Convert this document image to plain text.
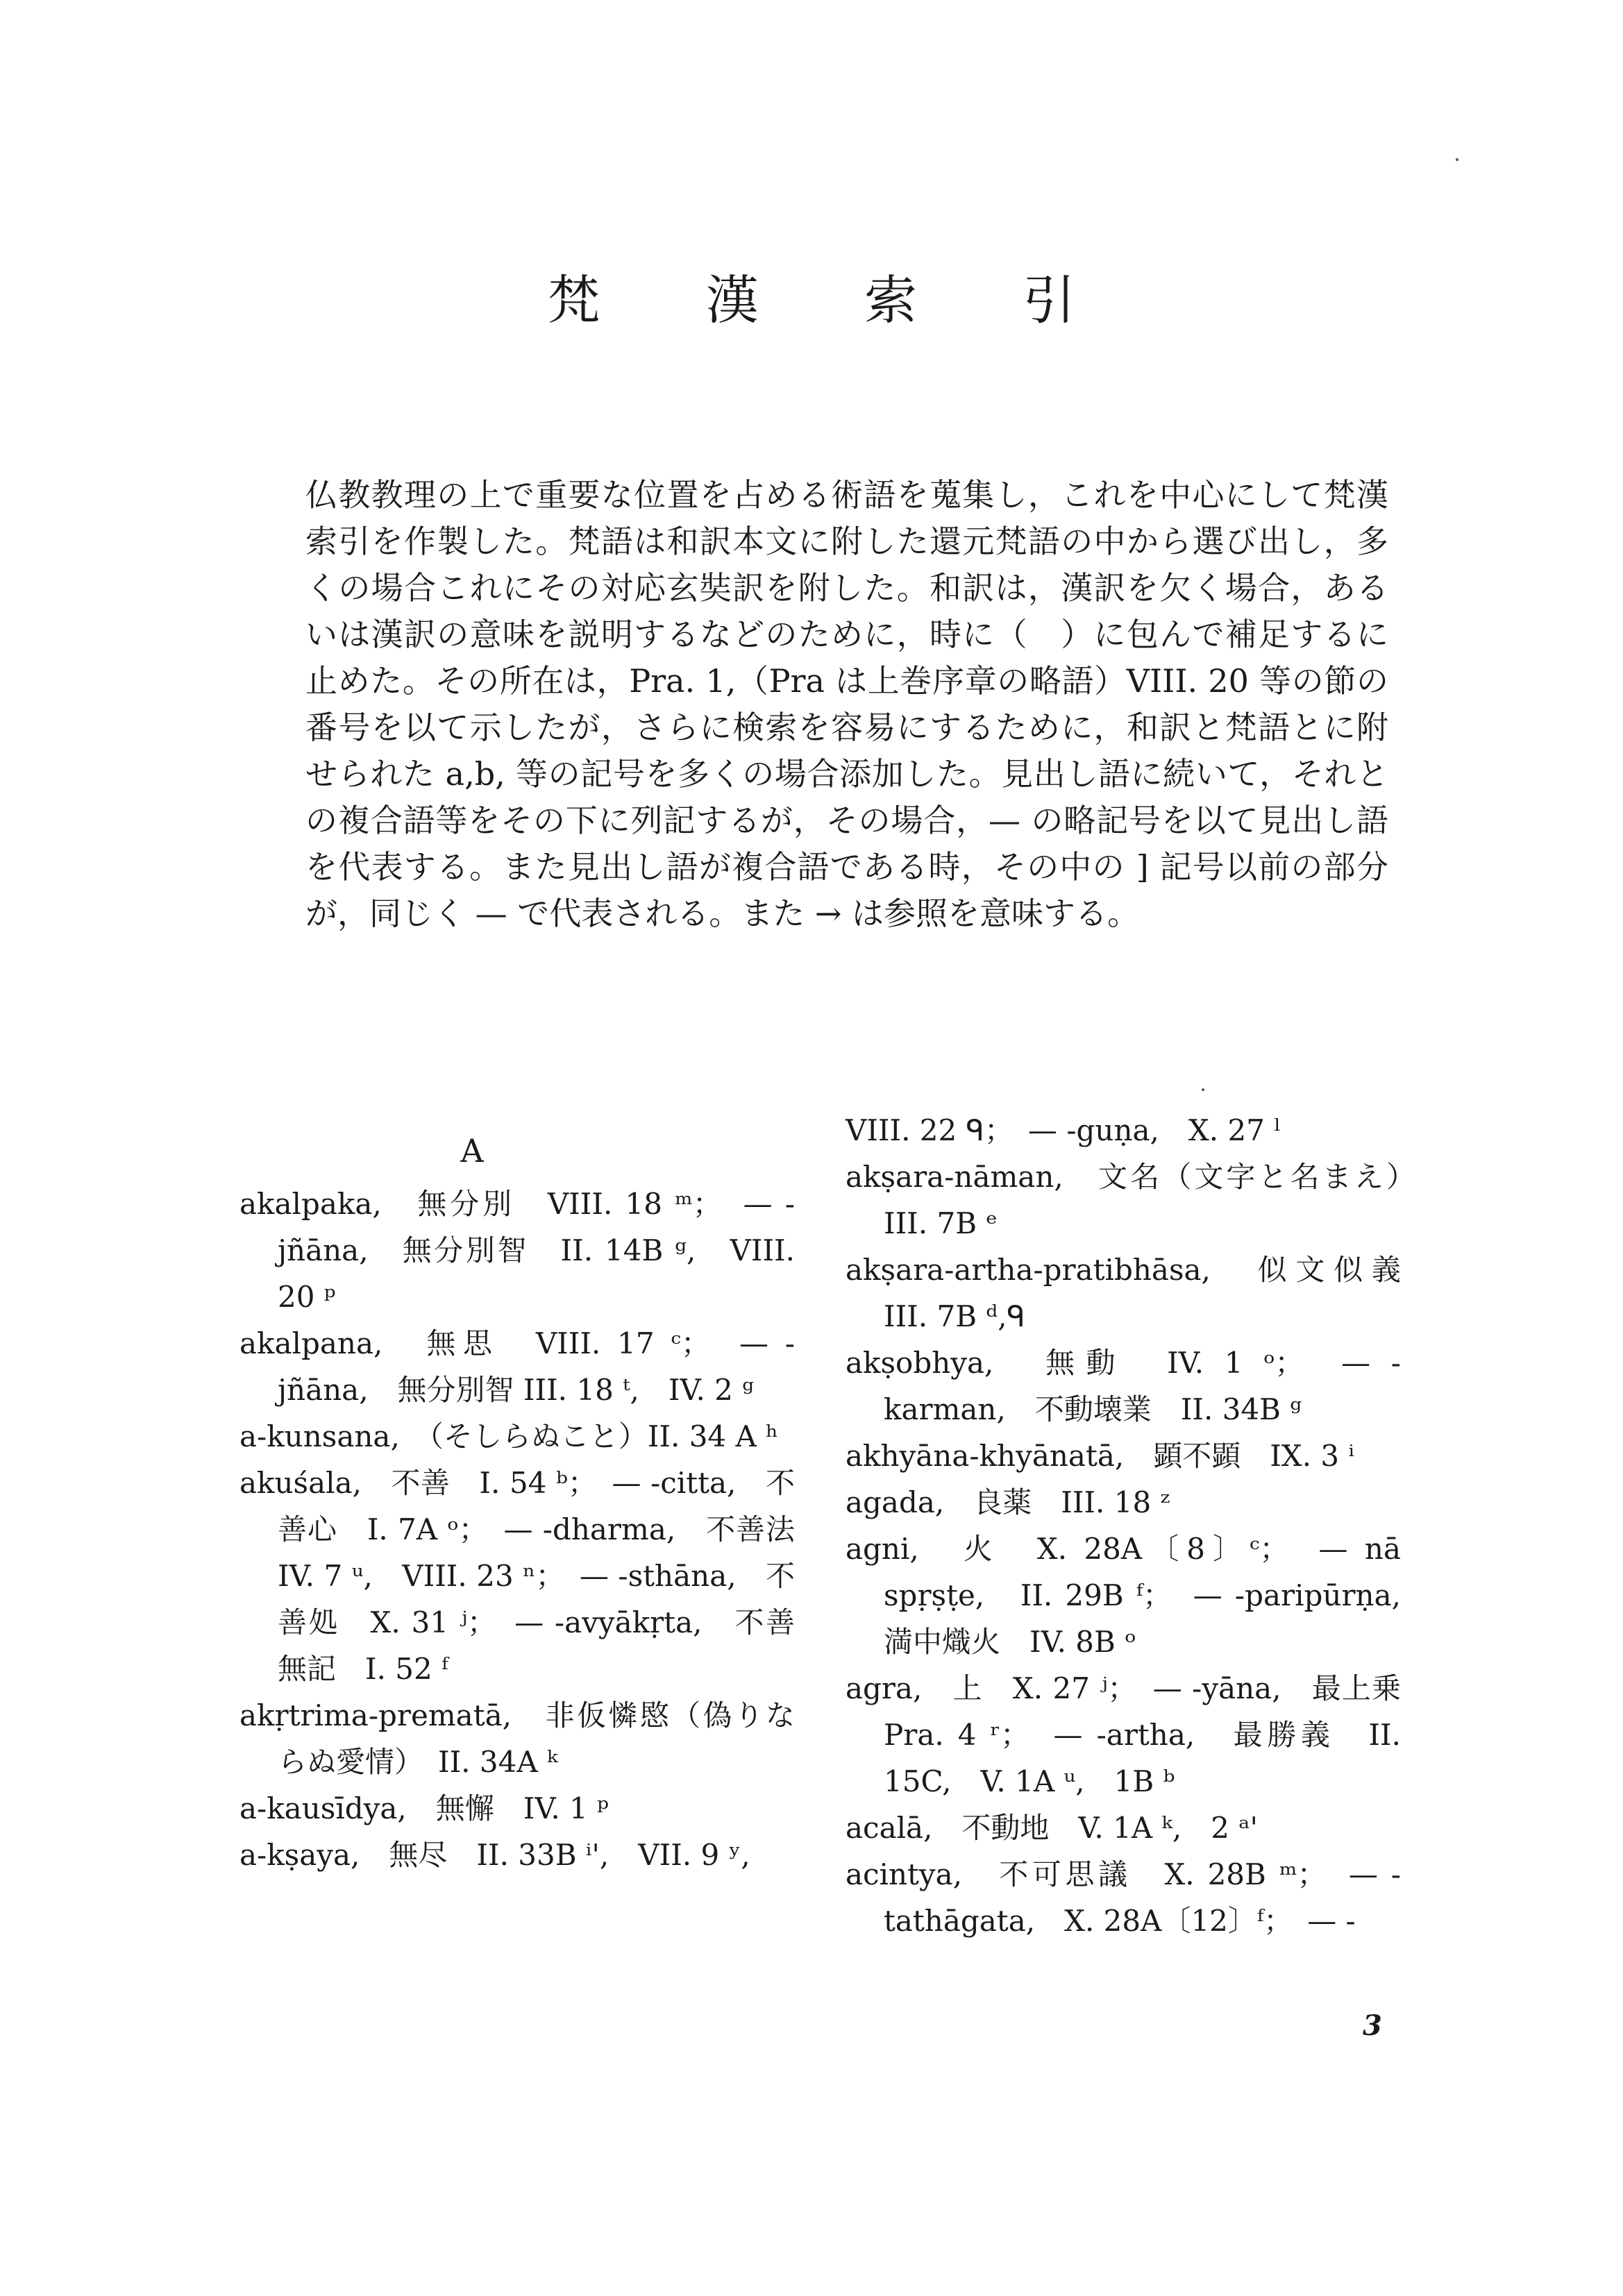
梵 漢 索 引

仏教教理の上で重要な位置を占める術語を蒐集し，これを中心にして梵漢索引を作製した。梵語は和訳本文に附した還元梵語の中から選び出し，多くの場合これにその対応玄奘訳を附した。和訳は，漢訳を欠く場合，あるいは漢訳の意味を説明するなどのために，時に（　）に包んで補足するに止めた。その所在は，Pra. 1,（Pra は上巻序章の略語）VIII. 20 等の節の番号を以て示したが，さらに検索を容易にするために，和訳と梵語とに附せられた a,b, 等の記号を多くの場合添加した。見出し語に続いて，それとの複合語等をその下に列記するが，その場合，— の略記号を以て見出し語を代表する。また見出し語が複合語である時，その中の ] 記号以前の部分が，同じく — で代表される。また → は参照を意味する。

A

akalpaka,　無分別　VIII. 18 ᵐ；　— -jñāna,　無分別智　II. 14B ᵍ,　VIII. 20 ᵖ

akalpana,　無思　VIII. 17 ᶜ；　— -jñāna,　無分別智 III. 18 ᵗ,　IV. 2 ᵍ

a-kunsana,　（そしらぬこと）II. 34 A ʰ

akuśala,　不善　I. 54 ᵇ；　— -citta,　不善心　I. 7A ᵒ；　— -dharma,　不善法　IV. 7 ᵘ,　VIII. 23 ⁿ；　— -sthāna,　不善処　X. 31 ʲ；　— -avyākṛta,　不善無記　I. 52 ᶠ

akṛtrima-prematā,　非仮憐愍（偽りならぬ愛情）　II. 34A ᵏ

a-kausīdya,　無懈　IV. 1 ᵖ

a-kṣaya,　無尽　II. 33B ⁱ',　VII. 9 ʸ,

VIII. 22 ᑫ；　— -guṇa,　X. 27 ˡ

akṣara-nāman,　文名（文字と名まえ）　III. 7B ᵉ

akṣara-artha-pratibhāsa,　似文似義　III. 7B ᵈ,ᑫ

akṣobhya,　無動　IV. 1 ᵒ；　— -karman,　不動壊業　II. 34B ᵍ

akhyāna-khyānatā,　顕不顕　IX. 3 ⁱ

agada,　良薬　III. 18 ᶻ

agni,　火　X. 28A〔8〕ᶜ；　— nā spṛṣṭe,　II. 29B ᶠ；　— -paripūrṇa,　満中熾火　IV. 8B ᵒ

agra,　上　X. 27 ʲ；　— -yāna,　最上乗　Pra. 4 ʳ；　— -artha,　最勝義　II. 15C,　V. 1A ᵘ,　1B ᵇ

acalā,　不動地　V. 1A ᵏ,　2 ᵃ'

acintya,　不可思議　X. 28B ᵐ；　— -tathāgata,　X. 28A〔12〕ᶠ；　— -

3
